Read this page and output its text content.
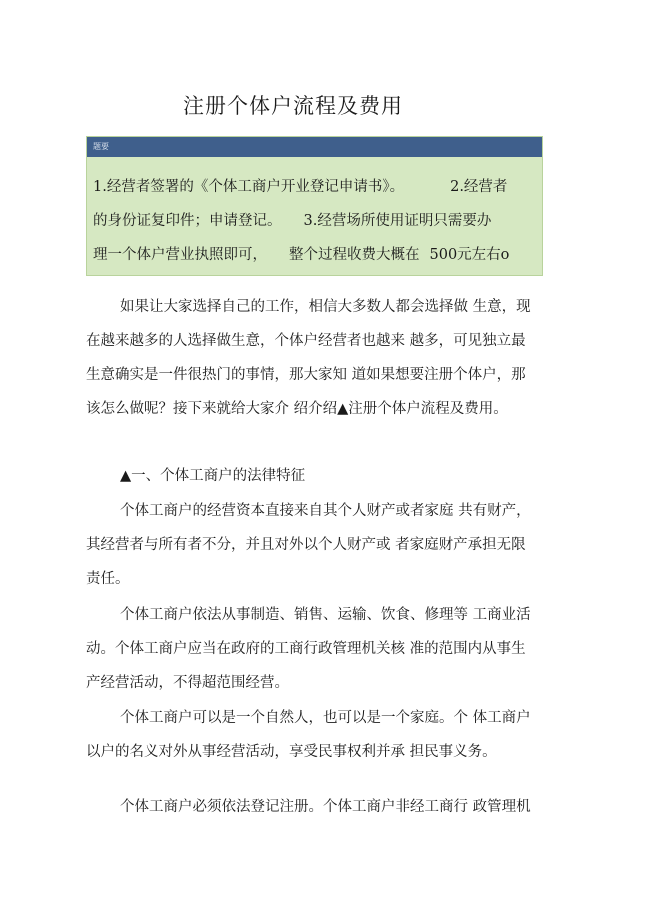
注册个体户流程及费用
题要
1.经营者签署的《个体工商户开业登记申请书》。	2.经营者
的身份证复印件；申请登记。 3.经营场所使用证明只需要办
理一个体户营业执照即可， 整个过程收费大概在 500元左右o
如果让大家选择自己的工作，相信大多数人都会选择做 生意，现
在越来越多的人选择做生意，个体户经营者也越来 越多，可见独立最
生意确实是一件很热门的事情，那大家知 道如果想要注册个体户，那
该怎么做呢？接下来就给大家介 绍介绍▲注册个体户流程及费用。
▲一、个体工商户的法律特征
个体工商户的经营资本直接来自其个人财产或者家庭 共有财产，
其经营者与所有者不分，并且对外以个人财产或 者家庭财产承担无限
责任。
个体工商户依法从事制造、销售、运输、饮食、修理等 工商业活
动。个体工商户应当在政府的工商行政管理机关核 准的范围内从事生
产经营活动，不得超范围经营。
个体工商户可以是一个自然人，也可以是一个家庭。个 体工商户
以户的名义对外从事经营活动，享受民事权利并承 担民事义务。
个体工商户必须依法登记注册。个体工商户非经工商行 政管理机
